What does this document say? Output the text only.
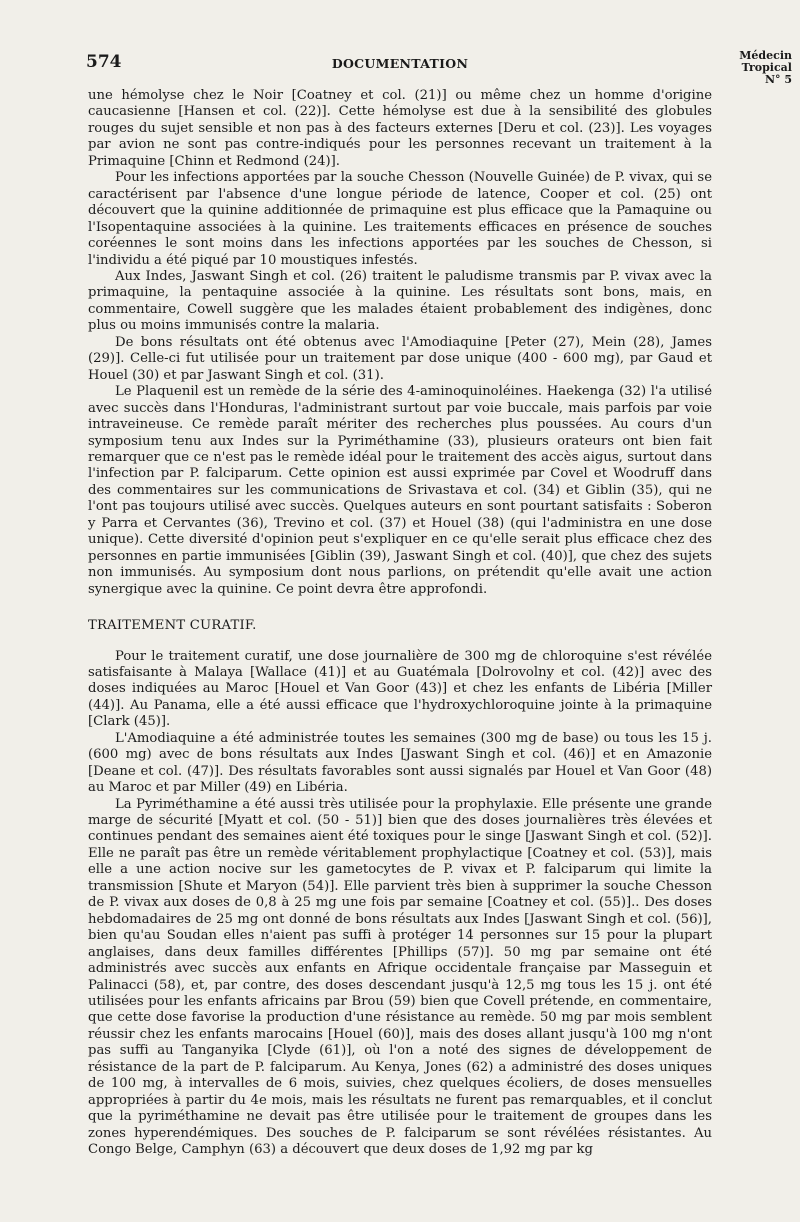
574	DOCUMENTATION
Médecin
Tropical
N° 5

une hémolyse chez le Noir [Coatney et col. (21)] ou même chez un homme d'origine caucasienne [Hansen et col. (22)]. Cette hémolyse est due à la sensibilité des globules rouges du sujet sensible et non pas à des facteurs externes [Deru et col. (23)]. Les voyages par avion ne sont pas contre-indiqués pour les personnes recevant un traitement à la Primaquine [Chinn et Redmond (24)].

Pour les infections apportées par la souche Chesson (Nouvelle Guinée) de P. vivax, qui se caractérisent par l'absence d'une longue période de latence, Cooper et col. (25) ont découvert que la quinine additionnée de primaquine est plus efficace que la Pamaquine ou l'Isopentaquine associées à la quinine. Les traitements efficaces en présence de souches coréennes le sont moins dans les infections apportées par les souches de Chesson, si l'individu a été piqué par 10 moustiques infestés.

Aux Indes, Jaswant Singh et col. (26) traitent le paludisme transmis par P. vivax avec la primaquine, la pentaquine associée à la quinine. Les résultats sont bons, mais, en commentaire, Cowell suggère que les malades étaient probablement des indigènes, donc plus ou moins immunisés contre la malaria.

De bons résultats ont été obtenus avec l'Amodiaquine [Peter (27), Mein (28), James (29)]. Celle-ci fut utilisée pour un traitement par dose unique (400 - 600 mg), par Gaud et Houel (30) et par Jaswant Singh et col. (31).

Le Plaquenil est un remède de la série des 4-aminoquinoléines. Haekenga (32) l'a utilisé avec succès dans l'Honduras, l'administrant surtout par voie buccale, mais parfois par voie intraveineuse. Ce remède paraît mériter des recherches plus poussées. Au cours d'un symposium tenu aux Indes sur la Pyriméthamine (33), plusieurs orateurs ont bien fait remarquer que ce n'est pas le remède idéal pour le traitement des accès aigus, surtout dans l'infection par P. falciparum. Cette opinion est aussi exprimée par Covel et Woodruff dans des commentaires sur les communications de Srivastava et col. (34) et Giblin (35), qui ne l'ont pas toujours utilisé avec succès. Quelques auteurs en sont pourtant satisfaits : Soberon y Parra et Cervantes (36), Trevino et col. (37) et Houel (38) (qui l'administra en une dose unique). Cette diversité d'opinion peut s'expliquer en ce qu'elle serait plus efficace chez des personnes en partie immunisées [Giblin (39), Jaswant Singh et col. (40)], que chez des sujets non immunisés. Au symposium dont nous parlions, on prétendit qu'elle avait une action synergique avec la quinine. Ce point devra être approfondi.

TRAITEMENT CURATIF.

Pour le traitement curatif, une dose journalière de 300 mg de chloroquine s'est révélée satisfaisante à Malaya [Wallace (41)] et au Guatémala [Dolrovolny et col. (42)] avec des doses indiquées au Maroc [Houel et Van Goor (43)] et chez les enfants de Libéria [Miller (44)]. Au Panama, elle a été aussi efficace que l'hydroxychloroquine jointe à la primaquine [Clark (45)].

L'Amodiaquine a été administrée toutes les semaines (300 mg de base) ou tous les 15 j. (600 mg) avec de bons résultats aux Indes [Jaswant Singh et col. (46)] et en Amazonie [Deane et col. (47)]. Des résultats favorables sont aussi signalés par Houel et Van Goor (48) au Maroc et par Miller (49) en Libéria.

La Pyriméthamine a été aussi très utilisée pour la prophylaxie. Elle présente une grande marge de sécurité [Myatt et col. (50 - 51)] bien que des doses journalières très élevées et continues pendant des semaines aient été toxiques pour le singe [Jaswant Singh et col. (52)]. Elle ne paraît pas être un remède véritablement prophylactique [Coatney et col. (53)], mais elle a une action nocive sur les gametocytes de P. vivax et P. falciparum qui limite la transmission [Shute et Maryon (54)]. Elle parvient très bien à supprimer la souche Chesson de P. vivax aux doses de 0,8 à 25 mg une fois par semaine [Coatney et col. (55)].. Des doses hebdomadaires de 25 mg ont donné de bons résultats aux Indes [Jaswant Singh et col. (56)], bien qu'au Soudan elles n'aient pas suffi à protéger 14 personnes sur 15 pour la plupart anglaises, dans deux familles différentes [Phillips (57)]. 50 mg par semaine ont été administrés avec succès aux enfants en Afrique occidentale française par Masseguin et Palinacci (58), et, par contre, des doses descendant jusqu'à 12,5 mg tous les 15 j. ont été utilisées pour les enfants africains par Brou (59) bien que Covell prétende, en commentaire, que cette dose favorise la production d'une résistance au remède. 50 mg par mois semblent réussir chez les enfants marocains [Houel (60)], mais des doses allant jusqu'à 100 mg n'ont pas suffi au Tanganyika [Clyde (61)], où l'on a noté des signes de développement de résistance de la part de P. falciparum. Au Kenya, Jones (62) a administré des doses uniques de 100 mg, à intervalles de 6 mois, suivies, chez quelques écoliers, de doses mensuelles appropriées à partir du 4e mois, mais les résultats ne furent pas remarquables, et il conclut que la pyriméthamine ne devait pas être utilisée pour le traitement de groupes dans les zones hyperendémiques. Des souches de P. falciparum se sont révélées résistantes. Au Congo Belge, Camphyn (63) a découvert que deux doses de 1,92 mg par kg
